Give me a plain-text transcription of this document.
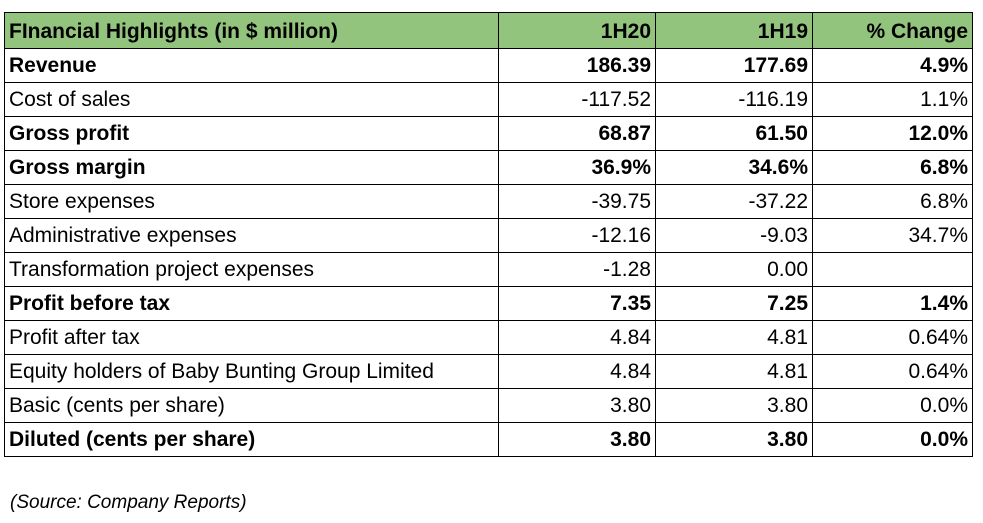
FInancial Highlights (in $ million)	1H20	1H19	% Change
Revenue	186.39	177.69	4.9%
Cost of sales	-117.52	-116.19	1.1%
Gross profit	68.87	61.50	12.0%
Gross margin	36.9%	34.6%	6.8%
Store expenses	-39.75	-37.22	6.8%
Administrative expenses	-12.16	-9.03	34.7%
Transformation project expenses	-1.28	0.00	
Profit before tax	7.35	7.25	1.4%
Profit after tax	4.84	4.81	0.64%
Equity holders of Baby Bunting Group Limited	4.84	4.81	0.64%
Basic (cents per share)	3.80	3.80	0.0%
Diluted (cents per share)	3.80	3.80	0.0%
(Source: Company Reports)
